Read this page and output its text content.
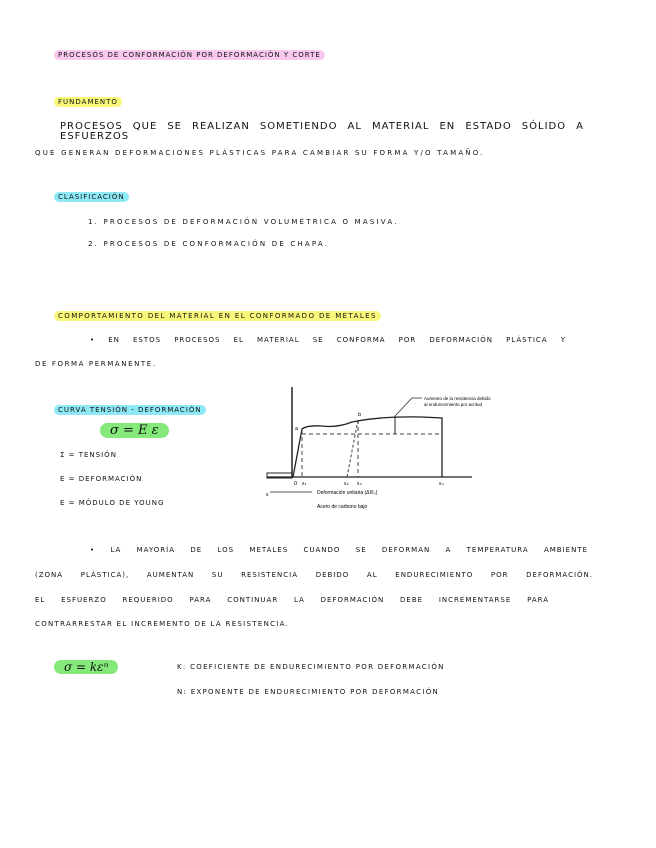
PROCESOS DE CONFORMACIÓN POR DEFORMACIÓN Y CORTE
FUNDAMENTO
PROCESOS QUE SE REALIZAN SOMETIENDO AL MATERIAL EN ESTADO SÓLIDO A ESFUERZOS
QUE GENERAN DEFORMACIONES PLÁSTICAS PARA CAMBIAR SU FORMA Y/O TAMAÑO.
CLASIFICACIÓN
1. PROCESOS DE DEFORMACIÓN VOLUMÉTRICA O MASIVA.
2. PROCESOS DE CONFORMACIÓN DE CHAPA.
COMPORTAMIENTO DEL MATERIAL EN EL CONFORMADO DE METALES
• EN ESTOS PROCESOS EL MATERIAL SE CONFORMA POR DEFORMACIÓN PLÁSTICA Y
DE FORMA PERMANENTE.
CURVA TENSIÓN - DEFORMACIÓN
σ = E ε
Σ = TENSIÓN
Ε = DEFORMACIÓN
E = MÓDULO DE YOUNG
Aumento de la resistencia debido
al endurecimiento por acritud
a
b
0 ε₁	ε₂ ε₃	ε₄
ε	Deformación unitaria (ΔI/I₀)
Acero de carbono bajo
• LA MAYORÍA DE LOS METALES CUANDO SE DEFORMAN A TEMPERATURA AMBIENTE
(ZONA PLÁSTICA), AUMENTAN SU RESISTENCIA DEBIDO AL ENDURECIMIENTO POR DEFORMACIÓN.
EL ESFUERZO REQUERIDO PARA CONTINUAR LA DEFORMACIÓN DEBE INCREMENTARSE PARA
CONTRARRESTAR EL INCREMENTO DE LA RESISTENCIA.
σ = kεⁿ	K: COEFICIENTE DE ENDURECIMIENTO POR DEFORMACIÓN
N: EXPONENTE DE ENDURECIMIENTO POR DEFORMACIÓN
